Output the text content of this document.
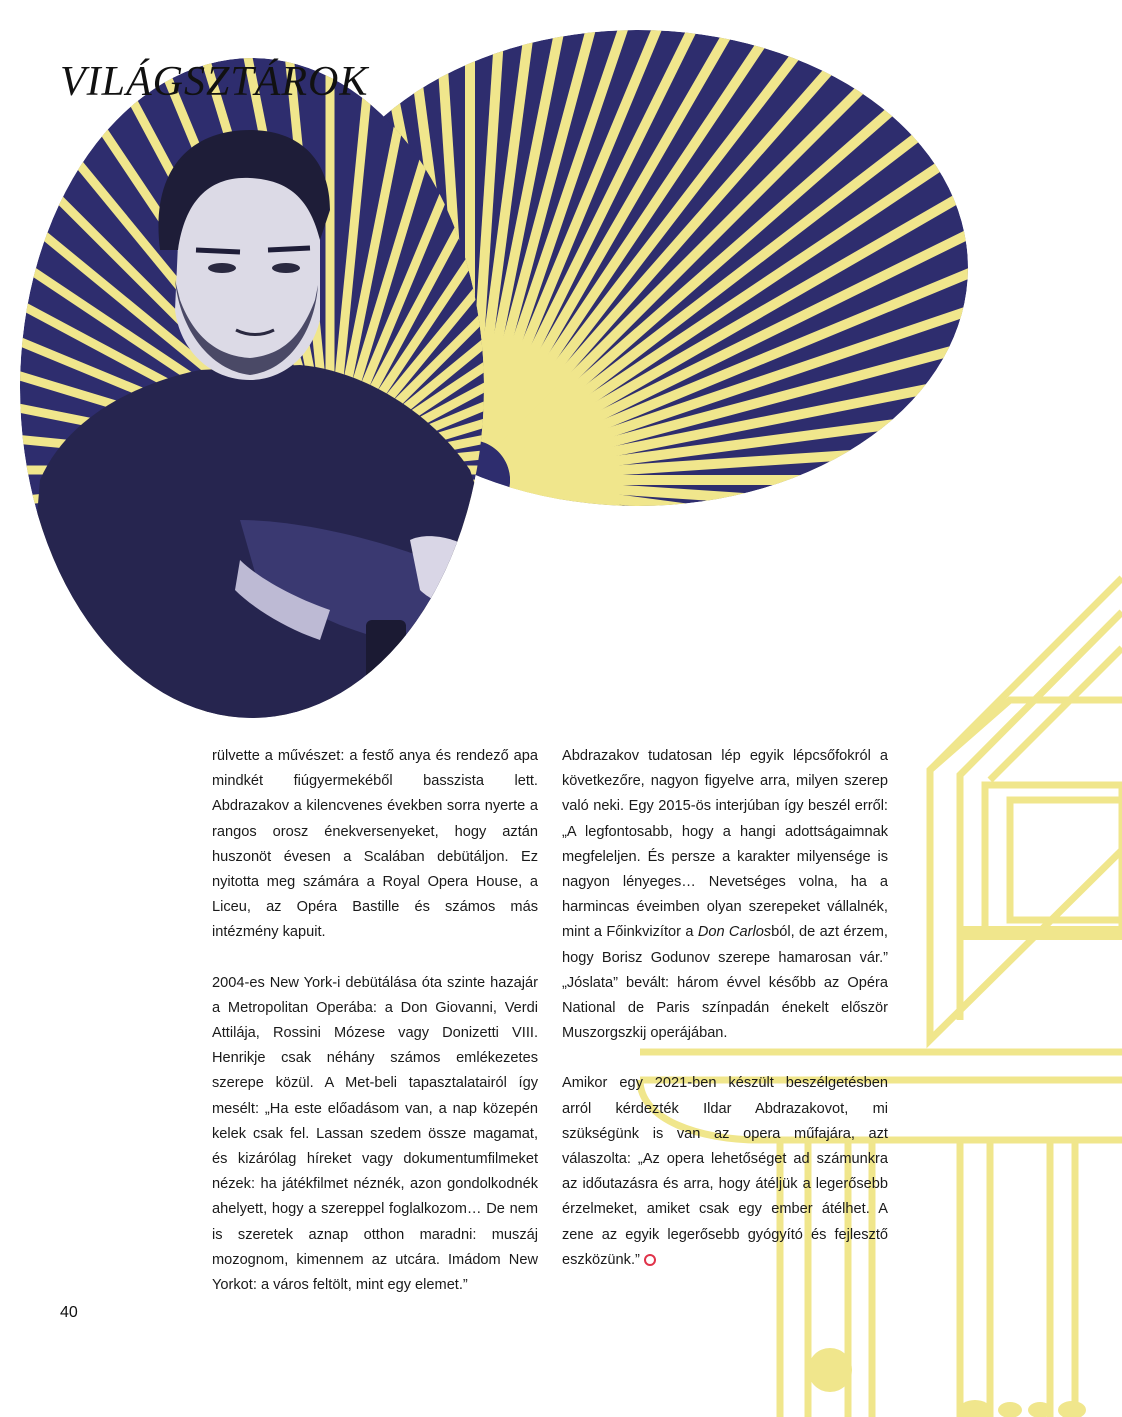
VILÁGSZTÁROK

rülvette a művészet: a festő anya és rendező apa mindkét fiúgyermekéből basszista lett. Abdrazakov a kilencvenes években sorra nyerte a rangos orosz énekversenyeket, hogy aztán huszonöt évesen a Scalában debütáljon. Ez nyitotta meg számára a Royal Opera House, a Liceu, az Opéra Bastille és számos más intézmény kapuit.

2004-es New York-i debütálása óta szinte hazajár a Metropolitan Operába: a Don Giovanni, Verdi Attilája, Rossini Mózese vagy Donizetti VIII. Henrikje csak néhány számos emlékezetes szerepe közül. A Met-beli tapasztalatairól így mesélt: „Ha este előadásom van, a nap közepén kelek csak fel. Lassan szedem össze magamat, és kizárólag híreket vagy dokumentumfilmeket nézek: ha játékfilmet néznék, azon gondolkodnék ahelyett, hogy a szereppel foglalkozom… De nem is szeretek aznap otthon maradni: muszáj mozognom, kimennem az utcára. Imádom New Yorkot: a város feltölt, mint egy elemet.”

Abdrazakov tudatosan lép egyik lépcsőfokról a következőre, nagyon figyelve arra, milyen szerep való neki. Egy 2015-ös interjúban így beszél erről: „A legfontosabb, hogy a hangi adottságaimnak megfeleljen. És persze a karakter milyensége is nagyon lényeges… Nevetséges volna, ha a harmincas éveimben olyan szerepeket vállalnék, mint a Főinkvizítor a Don Carlosból, de azt érzem, hogy Borisz Godunov szerepe hamarosan vár.” „Jóslata” bevált: három évvel később az Opéra National de Paris színpadán énekelt először Muszorgszkij operájában.

Amikor egy 2021-ben készült beszélgetésben arról kérdezték Ildar Abdrazakovot, mi szükségünk is van az opera műfajára, azt válaszolta: „Az opera lehetőséget ad számunkra az időutazásra és arra, hogy átéljük a legerősebb érzelmeket, amiket csak egy ember átélhet. A zene az egyik legerősebb gyógyító és fejlesztő eszközünk.”

40
